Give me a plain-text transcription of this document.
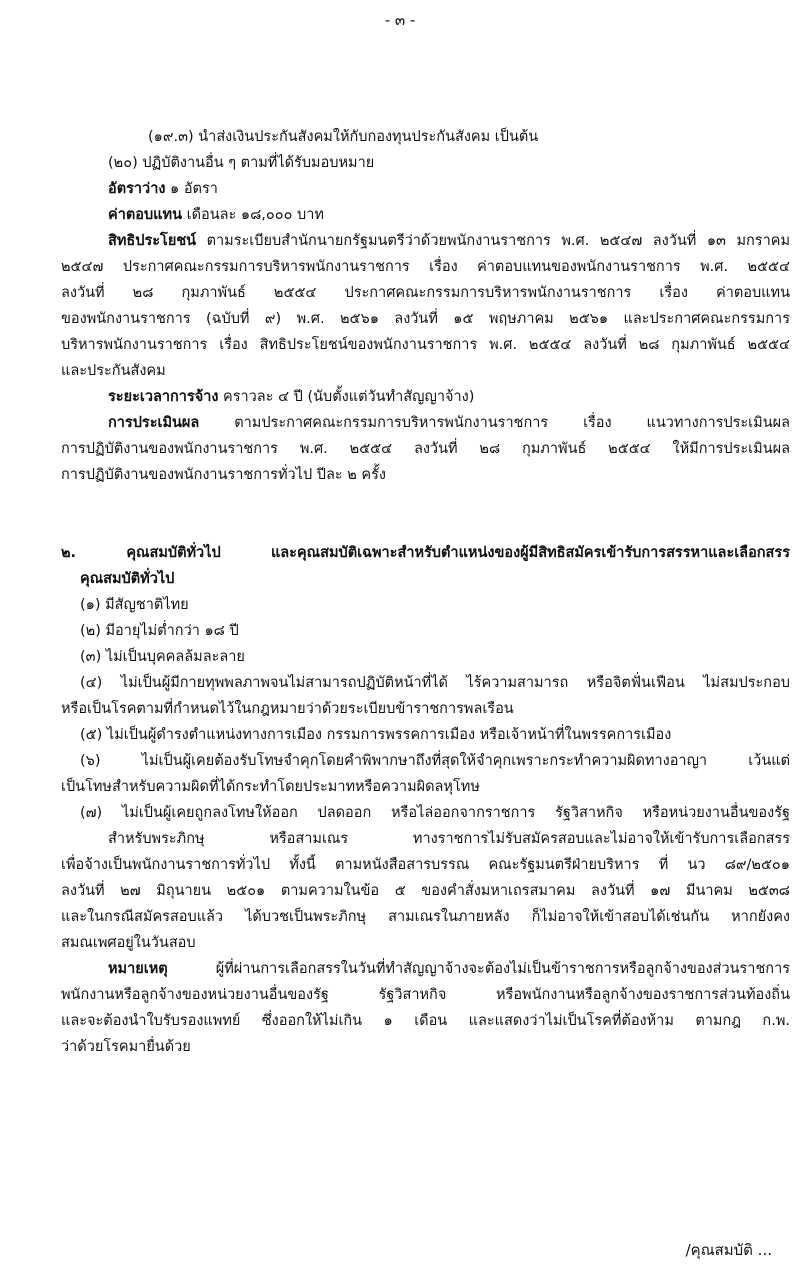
- ๓ -
(๑๙.๓) นำส่งเงินประกันสังคมให้กับกองทุนประกันสังคม เป็นต้น
(๒๐) ปฏิบัติงานอื่น ๆ ตามที่ได้รับมอบหมาย
อัตราว่าง ๑ อัตรา
ค่าตอบแทน เดือนละ ๑๘,๐๐๐ บาท
สิทธิประโยชน์ ตามระเบียบสำนักนายกรัฐมนตรีว่าด้วยพนักงานราชการ พ.ศ. ๒๕๔๗ ลงวันที่ ๑๓ มกราคม
๒๕๔๗ ประกาศคณะกรรมการบริหารพนักงานราชการ เรื่อง ค่าตอบแทนของพนักงานราชการ พ.ศ. ๒๕๕๔
ลงวันที่ ๒๘ กุมภาพันธ์ ๒๕๕๔ ประกาศคณะกรรมการบริหารพนักงานราชการ เรื่อง ค่าตอบแทน
ของพนักงานราชการ (ฉบับที่ ๙) พ.ศ. ๒๕๖๑ ลงวันที่ ๑๕ พฤษภาคม ๒๕๖๑ และประกาศคณะกรรมการ
บริหารพนักงานราชการ เรื่อง สิทธิประโยชน์ของพนักงานราชการ พ.ศ. ๒๕๕๔ ลงวันที่ ๒๘ กุมภาพันธ์ ๒๕๕๔
และประกันสังคม
ระยะเวลาการจ้าง คราวละ ๔ ปี (นับตั้งแต่วันทำสัญญาจ้าง)
การประเมินผล ตามประกาศคณะกรรมการบริหารพนักงานราชการ เรื่อง แนวทางการประเมินผล
การปฏิบัติงานของพนักงานราชการ พ.ศ. ๒๕๕๔ ลงวันที่ ๒๘ กุมภาพันธ์ ๒๕๕๔ ให้มีการประเมินผล
การปฏิบัติงานของพนักงานราชการทั่วไป ปีละ ๒ ครั้ง
๒. คุณสมบัติทั่วไป และคุณสมบัติเฉพาะสำหรับตำแหน่งของผู้มีสิทธิสมัครเข้ารับการสรรหาและเลือกสรร
คุณสมบัติทั่วไป
(๑) มีสัญชาติไทย
(๒) มีอายุไม่ต่ำกว่า ๑๘ ปี
(๓) ไม่เป็นบุคคลล้มละลาย
(๔) ไม่เป็นผู้มีกายทุพพลภาพจนไม่สามารถปฏิบัติหน้าที่ได้ ไร้ความสามารถ หรือจิตฟั่นเฟือน ไม่สมประกอบ
หรือเป็นโรคตามที่กำหนดไว้ในกฎหมายว่าด้วยระเบียบข้าราชการพลเรือน
(๕) ไม่เป็นผู้ดำรงตำแหน่งทางการเมือง กรรมการพรรคการเมือง หรือเจ้าหน้าที่ในพรรคการเมือง
(๖) ไม่เป็นผู้เคยต้องรับโทษจำคุกโดยคำพิพากษาถึงที่สุดให้จำคุกเพราะกระทำความผิดทางอาญา เว้นแต่
เป็นโทษสำหรับความผิดที่ได้กระทำโดยประมาทหรือความผิดลหุโทษ
(๗) ไม่เป็นผู้เคยถูกลงโทษให้ออก ปลดออก หรือไล่ออกจากราชการ รัฐวิสาหกิจ หรือหน่วยงานอื่นของรัฐ
สำหรับพระภิกษุ หรือสามเณร ทางราชการไม่รับสมัครสอบและไม่อาจให้เข้ารับการเลือกสรร
เพื่อจ้างเป็นพนักงานราชการทั่วไป ทั้งนี้ ตามหนังสือสารบรรณ คณะรัฐมนตรีฝ่ายบริหาร ที่ นว ๘๙/๒๕๐๑
ลงวันที่ ๒๗ มิถุนายน ๒๕๐๑ ตามความในข้อ ๕ ของคำสั่งมหาเถรสมาคม ลงวันที่ ๑๗ มีนาคม ๒๕๓๘
และในกรณีสมัครสอบแล้ว ได้บวชเป็นพระภิกษุ สามเณรในภายหลัง ก็ไม่อาจให้เข้าสอบได้เช่นกัน หากยังคง
สมณเพศอยู่ในวันสอบ
หมายเหตุ ผู้ที่ผ่านการเลือกสรรในวันที่ทำสัญญาจ้างจะต้องไม่เป็นข้าราชการหรือลูกจ้างของส่วนราชการ
พนักงานหรือลูกจ้างของหน่วยงานอื่นของรัฐ รัฐวิสาหกิจ หรือพนักงานหรือลูกจ้างของราชการส่วนท้องถิ่น
และจะต้องนำใบรับรองแพทย์ ซึ่งออกให้ไม่เกิน ๑ เดือน และแสดงว่าไม่เป็นโรคที่ต้องห้าม ตามกฎ ก.พ.
ว่าด้วยโรคมายื่นด้วย
/คุณสมบัติ ...
